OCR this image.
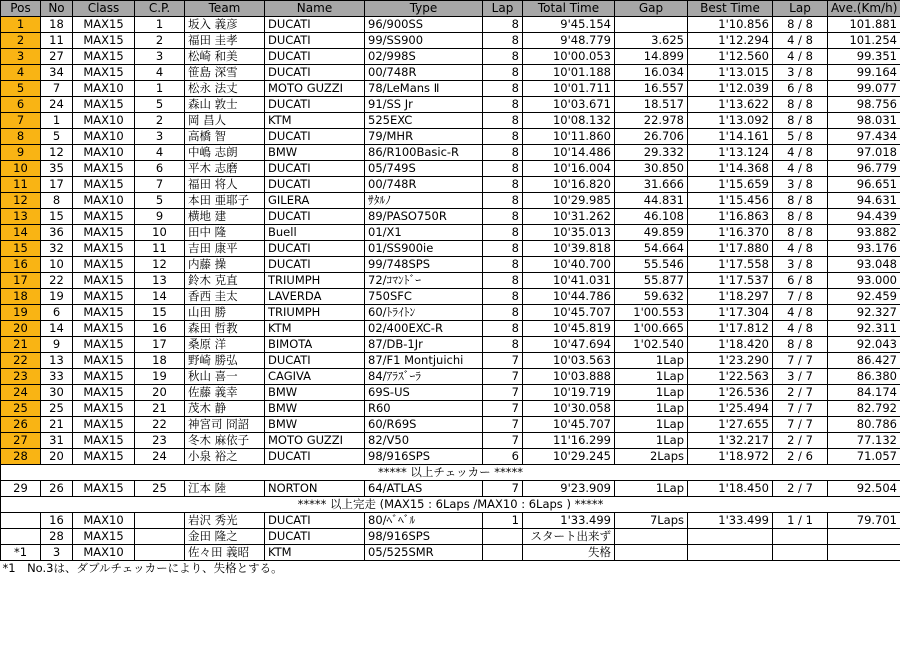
Pos	No	Class	C.P.	Team	Name	Type	Lap	Total Time	Gap	Best Time	Lap	Ave.(Km/h)
1	18	MAX15	1	坂入 義彦	DUCATI	96/900SS	8	9'45.154		1'10.856	8 / 8	101.881
2	11	MAX15	2	福田 圭孝	DUCATI	99/SS900	8	9'48.779	3.625	1'12.294	4 / 8	101.254
3	27	MAX15	3	松崎 和美	DUCATI	02/998S	8	10'00.053	14.899	1'12.560	4 / 8	99.351
4	34	MAX15	4	笹島 深雪	DUCATI	00/748R	8	10'01.188	16.034	1'13.015	3 / 8	99.164
5	7	MAX10	1	松永 法丈	MOTO GUZZI	78/LeMans Ⅱ	8	10'01.711	16.557	1'12.039	6 / 8	99.077
6	24	MAX15	5	森山 敦士	DUCATI	91/SS Jr	8	10'03.671	18.517	1'13.622	8 / 8	98.756
7	1	MAX10	2	岡 昌人	KTM	525EXC	8	10'08.132	22.978	1'13.092	8 / 8	98.031
8	5	MAX10	3	高橋 智	DUCATI	79/MHR	8	10'11.860	26.706	1'14.161	5 / 8	97.434
9	12	MAX10	4	中嶋 志朗	BMW	86/R100Basic-R	8	10'14.486	29.332	1'13.124	4 / 8	97.018
10	35	MAX15	6	平木 志磨	DUCATI	05/749S	8	10'16.004	30.850	1'14.368	4 / 8	96.779
11	17	MAX15	7	福田 将人	DUCATI	00/748R	8	10'16.820	31.666	1'15.659	3 / 8	96.651
12	8	MAX10	5	本田 亜耶子	GILERA	ｻﾀﾙﾉ	8	10'29.985	44.831	1'15.456	8 / 8	94.631
13	15	MAX15	9	横地 建	DUCATI	89/PASO750R	8	10'31.262	46.108	1'16.863	8 / 8	94.439
14	36	MAX15	10	田中 隆	Buell	01/X1	8	10'35.013	49.859	1'16.370	8 / 8	93.882
15	32	MAX15	11	吉田 康平	DUCATI	01/SS900ie	8	10'39.818	54.664	1'17.880	4 / 8	93.176
16	10	MAX15	12	内藤 操	DUCATI	99/748SPS	8	10'40.700	55.546	1'17.558	3 / 8	93.048
17	22	MAX15	13	鈴木 克直	TRIUMPH	72/ｺﾏﾝﾄﾞｰ	8	10'41.031	55.877	1'17.537	6 / 8	93.000
18	19	MAX15	14	香西 圭太	LAVERDA	750SFC	8	10'44.786	59.632	1'18.297	7 / 8	92.459
19	6	MAX15	15	山田 勝	TRIUMPH	60/ﾄﾗｲﾄﾝ	8	10'45.707	1'00.553	1'17.304	4 / 8	92.327
20	14	MAX15	16	森田 哲教	KTM	02/400EXC-R	8	10'45.819	1'00.665	1'17.812	4 / 8	92.311
21	9	MAX15	17	桑原 洋	BIMOTA	87/DB-1Jr	8	10'47.694	1'02.540	1'18.420	8 / 8	92.043
22	13	MAX15	18	野崎 勝弘	DUCATI	87/F1 Montjuichi	7	10'03.563	1Lap	1'23.290	7 / 7	86.427
23	33	MAX15	19	秋山 喜一	CAGIVA	84/ｱﾗｽﾞｰﾗ	7	10'03.888	1Lap	1'22.563	3 / 7	86.380
24	30	MAX15	20	佐藤 義幸	BMW	69S-US	7	10'19.719	1Lap	1'26.536	2 / 7	84.174
25	25	MAX15	21	茂木 静	BMW	R60	7	10'30.058	1Lap	1'25.494	7 / 7	82.792
26	21	MAX15	22	神宮司 冏詔	BMW	60/R69S	7	10'45.707	1Lap	1'27.655	7 / 7	80.786
27	31	MAX15	23	冬木 麻依子	MOTO GUZZI	82/V50	7	11'16.299	1Lap	1'32.217	2 / 7	77.132
28	20	MAX15	24	小泉 裕之	DUCATI	98/916SPS	6	10'29.245	2Laps	1'18.972	2 / 6	71.057
***** 以上チェッカー *****												
29	26	MAX15	25	江本 陸	NORTON	64/ATLAS	7	9'23.909	1Lap	1'18.450	2 / 7	92.504
***** 以上完走 (MAX15 : 6Laps /MAX10 : 6Laps ) *****												
	16	MAX10		岩沢 秀光	DUCATI	80/ﾍﾞﾍﾞﾙ	1	1'33.499	7Laps	1'33.499	1 / 1	79.701
	28	MAX15		金田 隆之	DUCATI	98/916SPS		スタート出来ず				
*1	3	MAX10		佐々田 義昭	KTM	05/525SMR		失格				
*1　No.3は、ダブルチェッカーにより、失格とする。												
